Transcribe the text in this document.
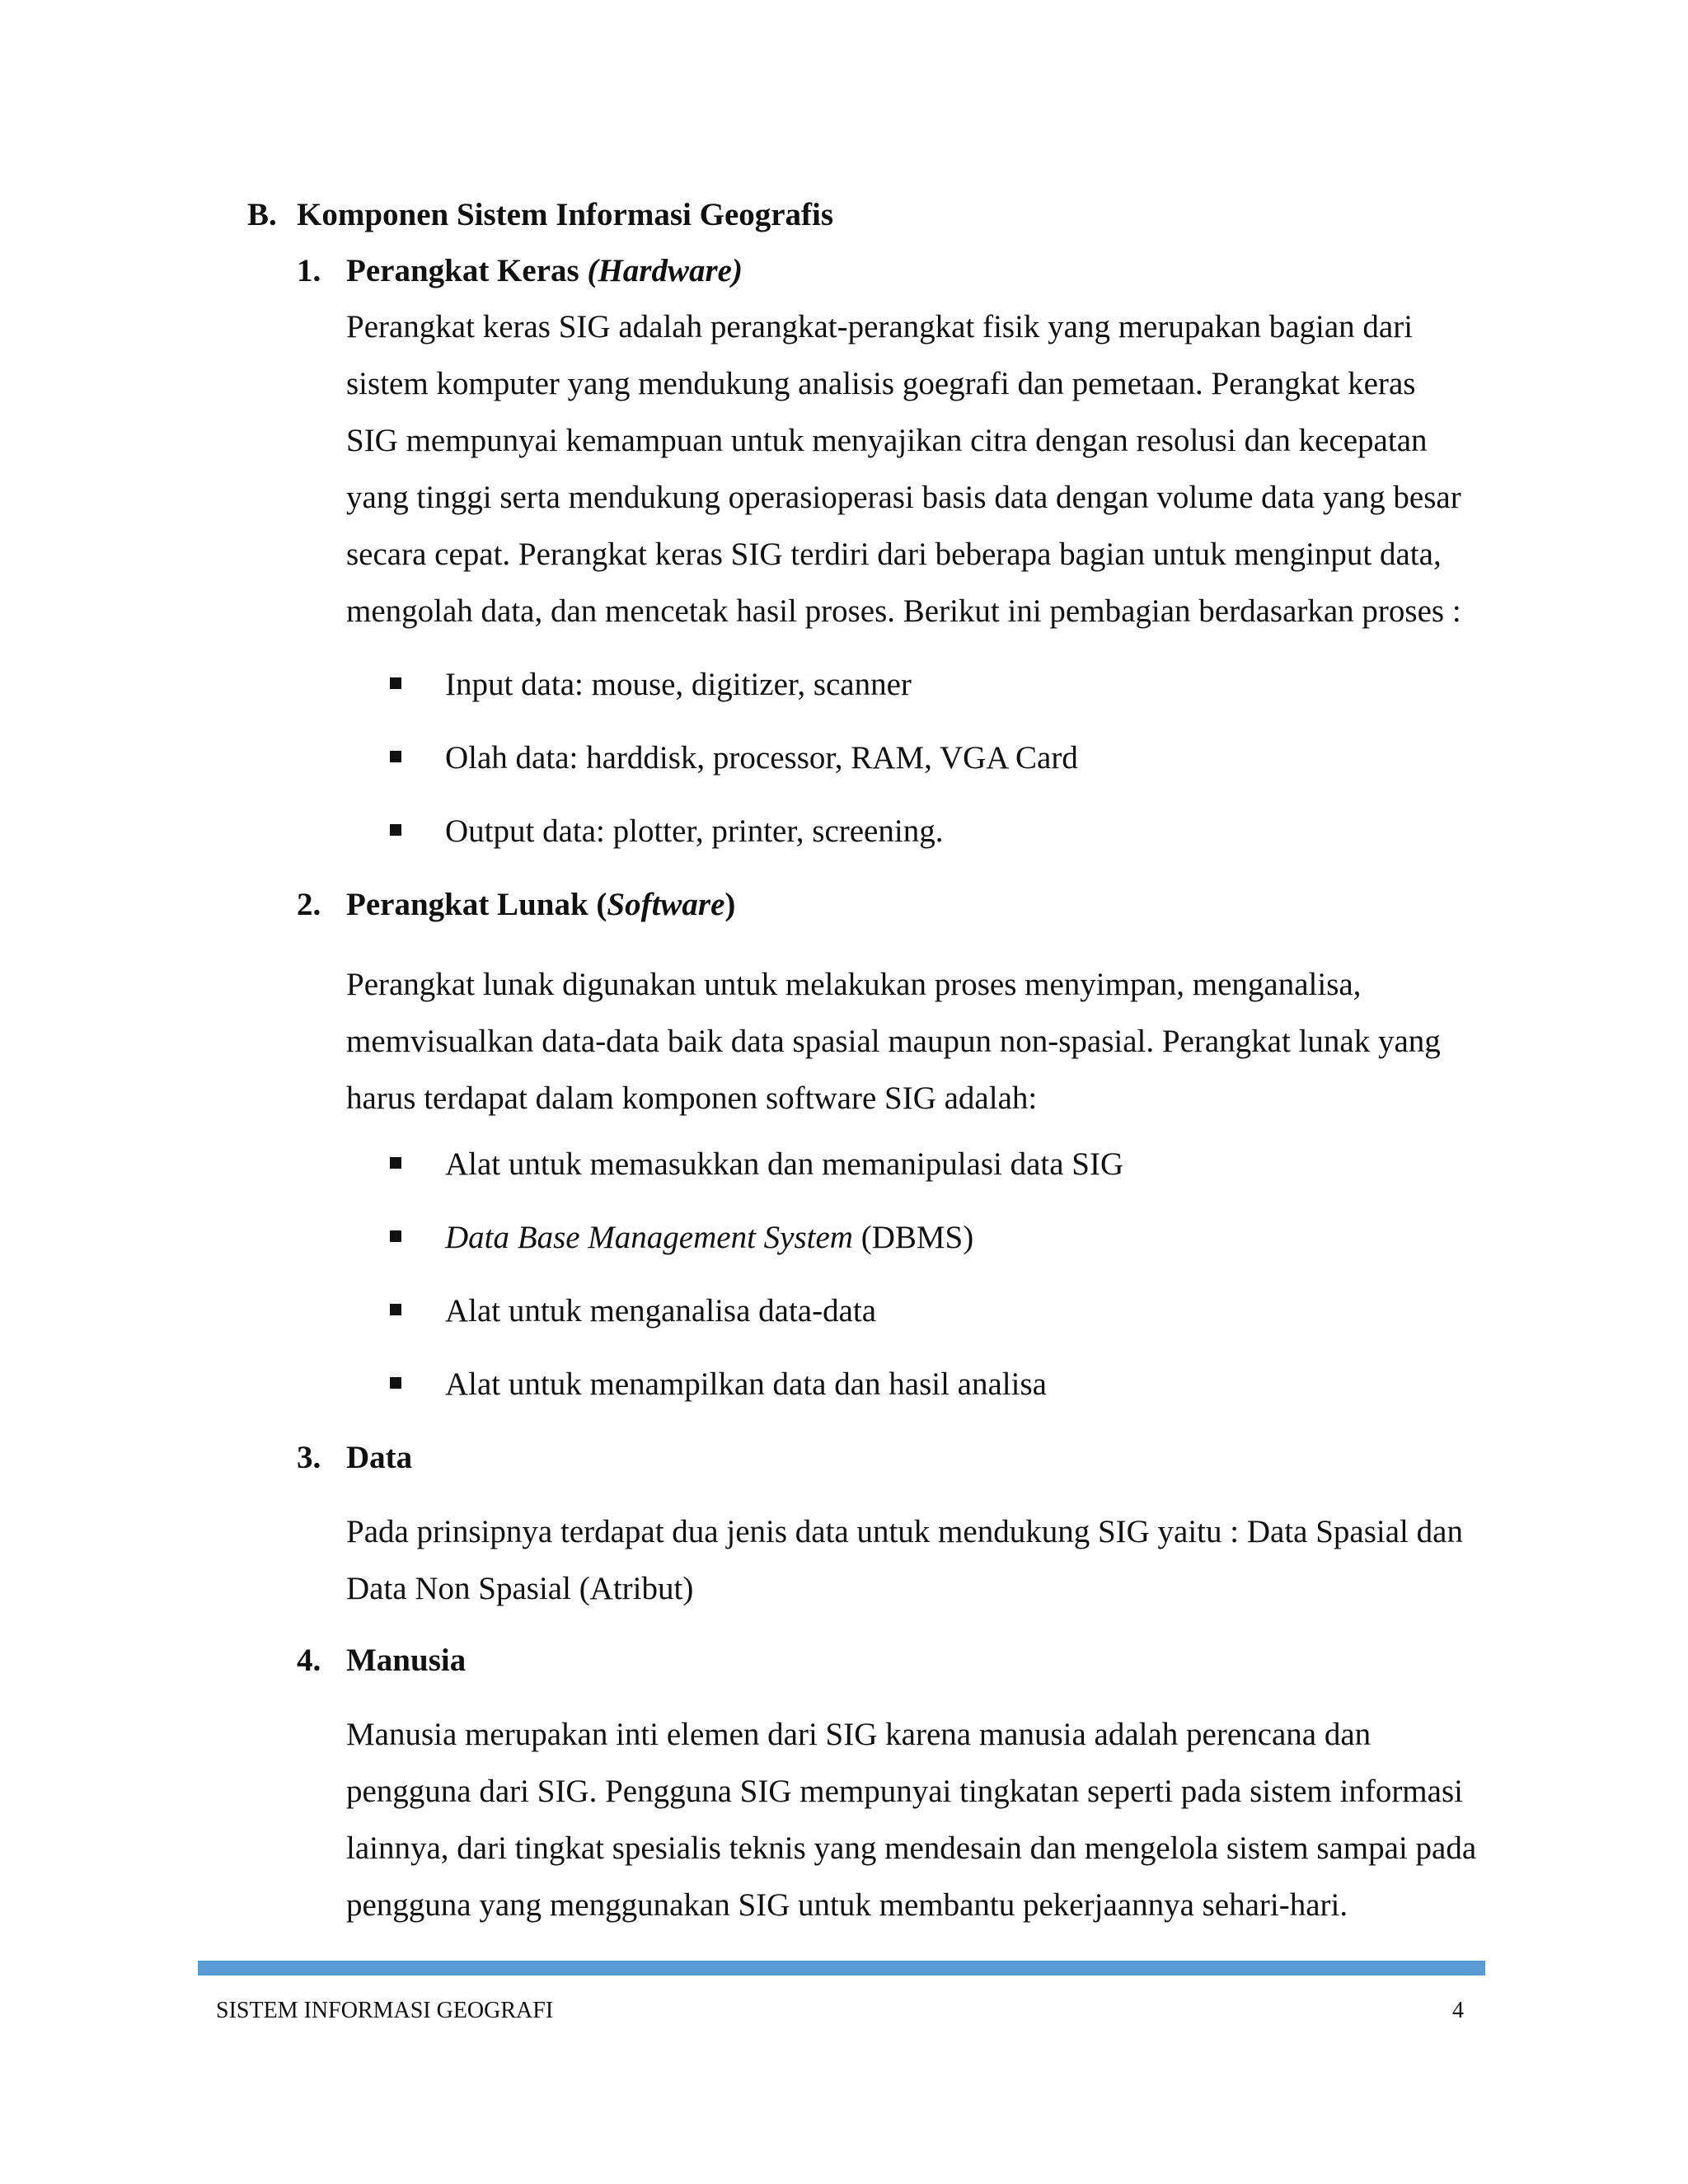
B. Komponen Sistem Informasi Geografis
1. Perangkat Keras (Hardware)
Perangkat keras SIG adalah perangkat-perangkat fisik yang merupakan bagian dari
sistem komputer yang mendukung analisis goegrafi dan pemetaan. Perangkat keras
SIG mempunyai kemampuan untuk menyajikan citra dengan resolusi dan kecepatan
yang tinggi serta mendukung operasioperasi basis data dengan volume data yang besar
secara cepat. Perangkat keras SIG terdiri dari beberapa bagian untuk menginput data,
mengolah data, dan mencetak hasil proses. Berikut ini pembagian berdasarkan proses :
Input data: mouse, digitizer, scanner
Olah data: harddisk, processor, RAM, VGA Card
Output data: plotter, printer, screening.
2. Perangkat Lunak (Software)
Perangkat lunak digunakan untuk melakukan proses menyimpan, menganalisa,
memvisualkan data-data baik data spasial maupun non-spasial. Perangkat lunak yang
harus terdapat dalam komponen software SIG adalah:
Alat untuk memasukkan dan memanipulasi data SIG
Data Base Management System (DBMS)
Alat untuk menganalisa data-data
Alat untuk menampilkan data dan hasil analisa
3. Data
Pada prinsipnya terdapat dua jenis data untuk mendukung SIG yaitu : Data Spasial dan
Data Non Spasial (Atribut)
4. Manusia
Manusia merupakan inti elemen dari SIG karena manusia adalah perencana dan
pengguna dari SIG. Pengguna SIG mempunyai tingkatan seperti pada sistem informasi
lainnya, dari tingkat spesialis teknis yang mendesain dan mengelola sistem sampai pada
pengguna yang menggunakan SIG untuk membantu pekerjaannya sehari-hari.
SISTEM INFORMASI GEOGRAFI	4
